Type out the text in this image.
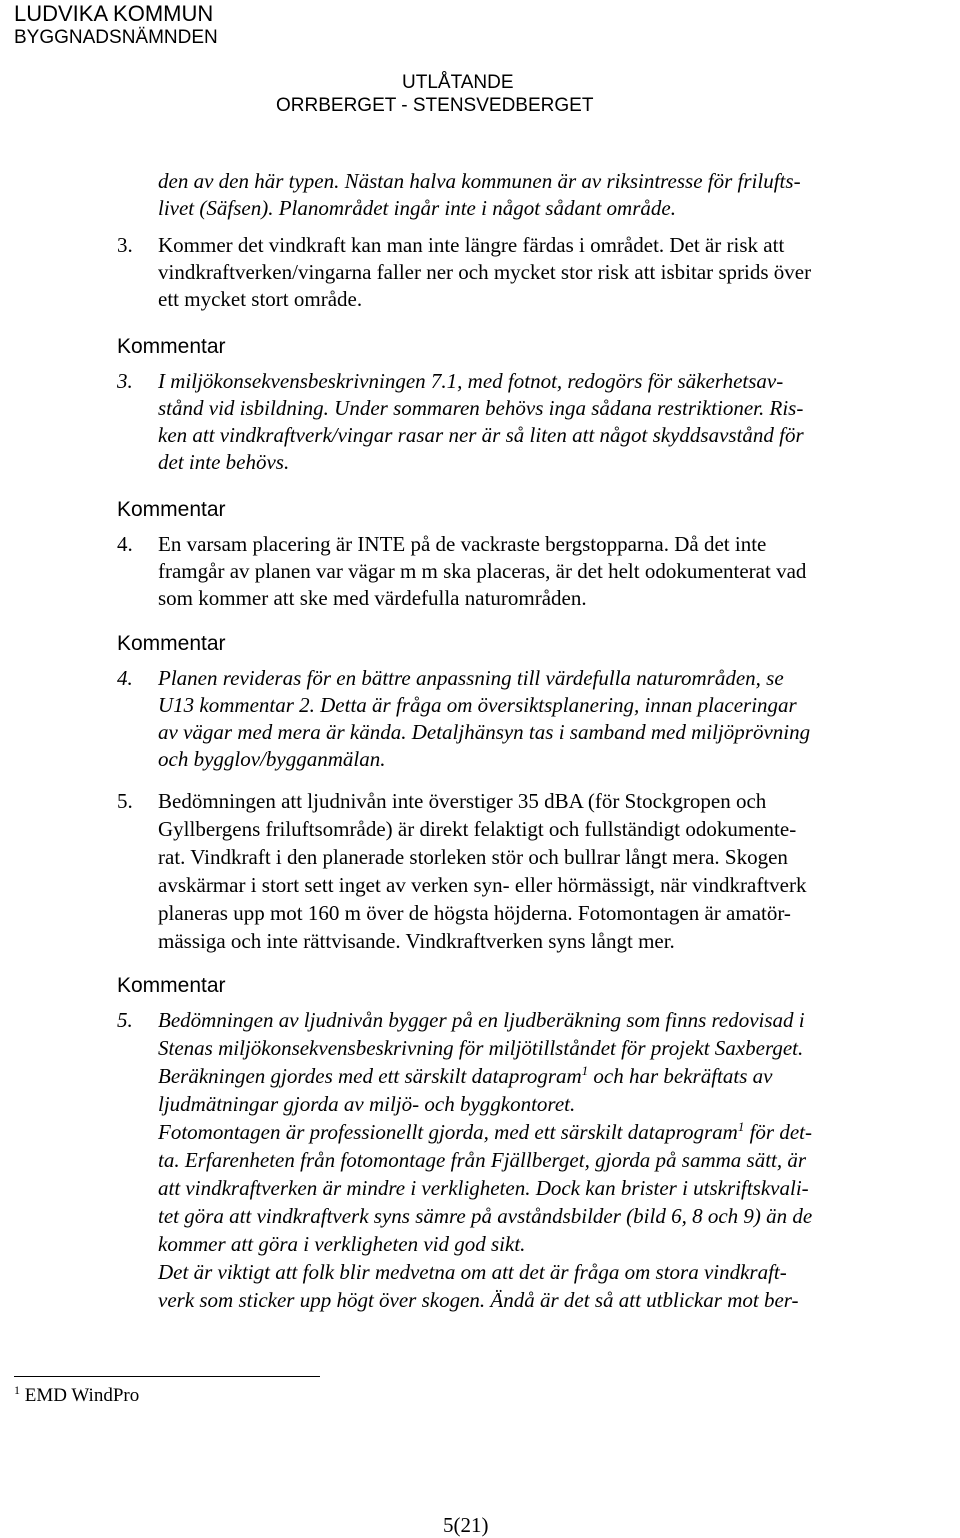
LUDVIKA KOMMUN
BYGGNADSNÄMNDEN
UTLÅTANDE
ORRBERGET - STENSVEDBERGET
den av den här typen. Nästan halva kommunen är av riksintresse för frilufts-
livet (Säfsen). Planområdet ingår inte i något sådant område.
3. Kommer det vindkraft kan man inte längre färdas i området. Det är risk att
vindkraftverken/vingarna faller ner och mycket stor risk att isbitar sprids över
ett mycket stort område.
Kommentar
3. I miljökonsekvensbeskrivningen 7.1, med fotnot, redogörs för säkerhetsav-
stånd vid isbildning. Under sommaren behövs inga sådana restriktioner. Ris-
ken att vindkraftverk/vingar rasar ner är så liten att något skyddsavstånd för
det inte behövs.
Kommentar
4. En varsam placering är INTE på de vackraste bergstopparna. Då det inte
framgår av planen var vägar m m ska placeras, är det helt odokumenterat vad
som kommer att ske med värdefulla naturområden.
Kommentar
4. Planen revideras för en bättre anpassning till värdefulla naturområden, se
U13 kommentar 2. Detta är fråga om översiktsplanering, innan placeringar
av vägar med mera är kända. Detaljhänsyn tas i samband med miljöprövning
och bygglov/bygganmälan.
5. Bedömningen att ljudnivån inte överstiger 35 dBA (för Stockgropen och
Gyllbergens friluftsområde) är direkt felaktigt och fullständigt odokumente-
rat. Vindkraft i den planerade storleken stör och bullrar långt mera. Skogen
avskärmar i stort sett inget av verken syn- eller hörmässigt, när vindkraftverk
planeras upp mot 160 m över de högsta höjderna. Fotomontagen är amatör-
mässiga och inte rättvisande. Vindkraftverken syns långt mer.
Kommentar
5. Bedömningen av ljudnivån bygger på en ljudberäkning som finns redovisad i
Stenas miljökonsekvensbeskrivning för miljötillståndet för projekt Saxberget.
Beräkningen gjordes med ett särskilt dataprogram$^1$ och har bekräftats av
ljudmätningar gjorda av miljö- och byggkontoret.
Fotomontagen är professionellt gjorda, med ett särskilt dataprogram$^1$ för det-
ta. Erfarenheten från fotomontage från Fjällberget, gjorda på samma sätt, är
att vindkraftverken är mindre i verkligheten. Dock kan brister i utskriftskvali-
tet göra att vindkraftverk syns sämre på avståndsbilder (bild 6, 8 och 9) än de
kommer att göra i verkligheten vid god sikt.
Det är viktigt att folk blir medvetna om att det är fråga om stora vindkraft-
verk som sticker upp högt över skogen. Ändå är det så att utblickar mot ber-
$^1$ EMD WindPro
5(21)
